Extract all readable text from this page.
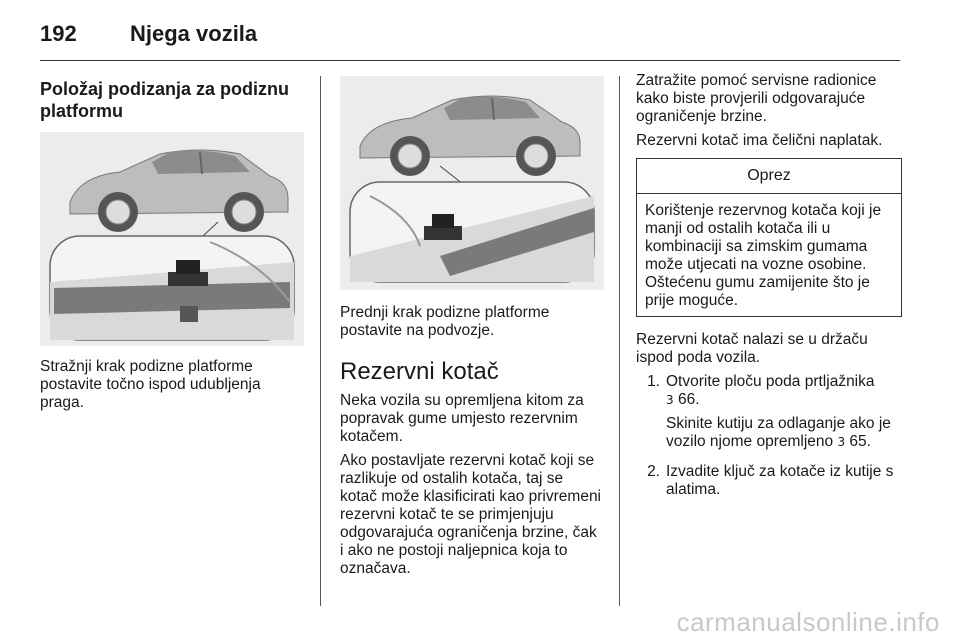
192	Njega vozila
Položaj podizanja za podiznu platformu

Stražnji krak podizne platforme postavite točno ispod udubljenja praga.

Prednji krak podizne platforme postavite na podvozje.

Rezervni kotač

Neka vozila su opremljena kitom za popravak gume umjesto rezervnim kotačem.

Ako postavljate rezervni kotač koji se razlikuje od ostalih kotača, taj se kotač može klasificirati kao privremeni rezervni kotač te se primjenjuju odgovarajuća ograničenja brzine, čak i ako ne postoji naljepnica koja to označava.

Zatražite pomoć servisne radionice kako biste provjerili odgovarajuće ograničenje brzine.

Rezervni kotač ima čelični naplatak.

Oprez
Korištenje rezervnog kotača koji je manji od ostalih kotača ili u kombinaciji sa zimskim gumama može utjecati na vozne osobine. Oštećenu gumu zamijenite što je prije moguće.

Rezervni kotač nalazi se u držaču ispod poda vozila.

1. Otvorite ploču poda prtljažnika
3 66.

Skinite kutiju za odlaganje ako je vozilo njome opremljeno 3 65.

2. Izvadite ključ za kotače iz kutije s alatima.

carmanualsonline.info
